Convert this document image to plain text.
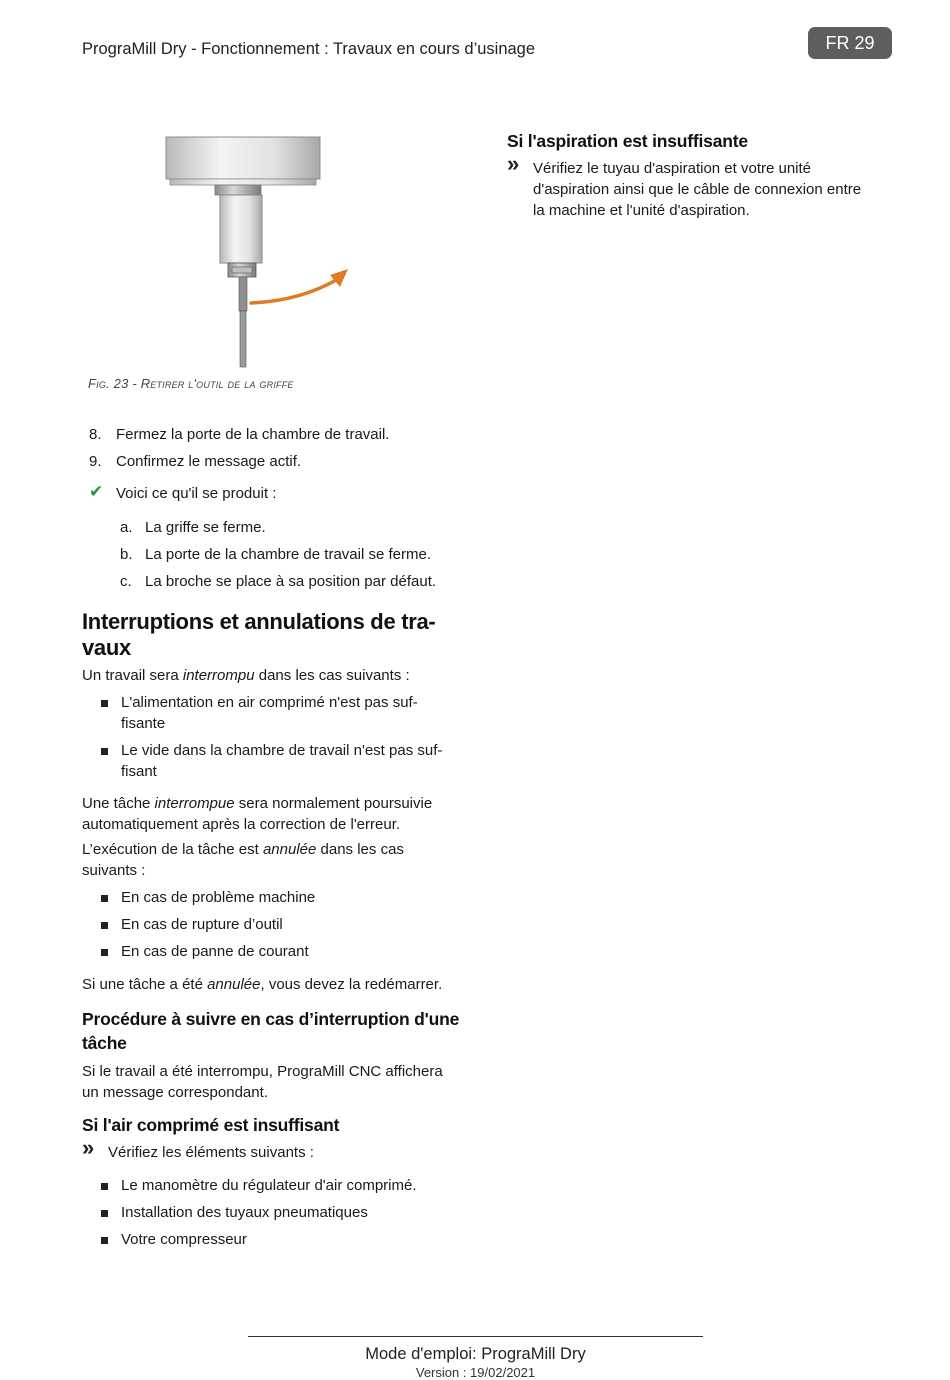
PrograMill Dry - Fonctionnement : Travaux en cours d’usinage	FR 29
Fig. 23 - Retirer l'outil de la griffe
8. Fermez la porte de la chambre de travail.
9. Confirmez le message actif.
✔ Voici ce qu'il se produit :
a. La griffe se ferme.
b. La porte de la chambre de travail se ferme.
c. La broche se place à sa position par défaut.
Interruptions et annulations de tra-
vaux

Un travail sera interrompu dans les cas suivants :

L'alimentation en air comprimé n'est pas suf-
fisante
Le vide dans la chambre de travail n'est pas suf-
fisant

Une tâche interrompue sera normalement poursuivie
automatiquement après la correction de l'erreur.

L’exécution de la tâche est annulée dans les cas
suivants :

En cas de problème machine
En cas de rupture d’outil
En cas de panne de courant

Si une tâche a été annulée, vous devez la redémarrer.

Procédure à suivre en cas d’interruption d'une
tâche

Si le travail a été interrompu, PrograMill CNC affichera
un message correspondant.

Si l'air comprimé est insuffisant
» Vérifiez les éléments suivants :
Le manomètre du régulateur d'air comprimé.
Installation des tuyaux pneumatiques
Votre compresseur
Si l'aspiration est insuffisante
» Vérifiez le tuyau d'aspiration et votre unité
d'aspiration ainsi que le câble de connexion entre
la machine et l'unité d'aspiration.
Mode d'emploi: PrograMill Dry
Version : 19/02/2021
